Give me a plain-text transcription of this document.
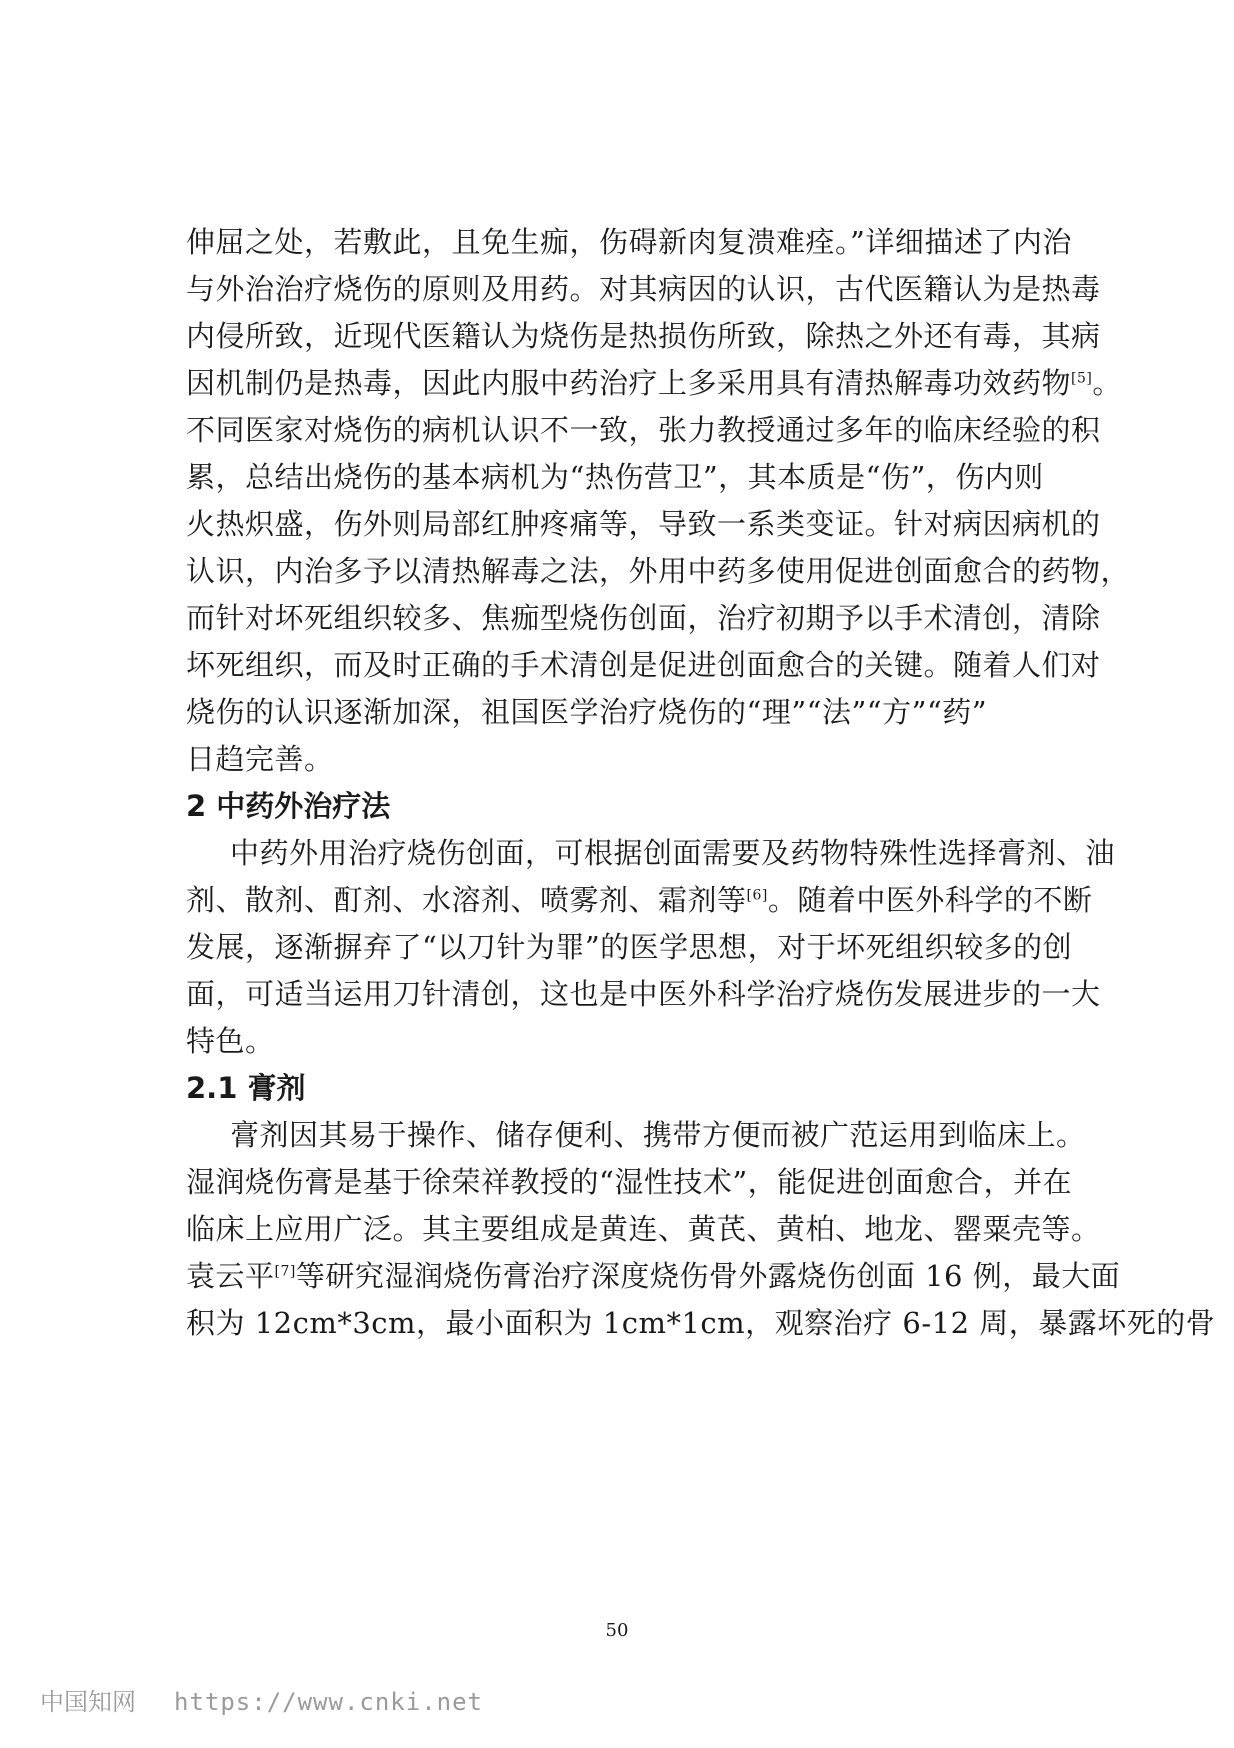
伸屈之处，若敷此，且免生痂，伤碍新肉复溃难痊。”详细描述了内治
与外治治疗烧伤的原则及用药。对其病因的认识，古代医籍认为是热毒
内侵所致，近现代医籍认为烧伤是热损伤所致，除热之外还有毒，其病
因机制仍是热毒，因此内服中药治疗上多采用具有清热解毒功效药物[5]。
不同医家对烧伤的病机认识不一致，张力教授通过多年的临床经验的积
累，总结出烧伤的基本病机为“热伤营卫”，其本质是“伤”，伤内则
火热炽盛，伤外则局部红肿疼痛等，导致一系类变证。针对病因病机的
认识，内治多予以清热解毒之法，外用中药多使用促进创面愈合的药物，
而针对坏死组织较多、焦痂型烧伤创面，治疗初期予以手术清创，清除
坏死组织，而及时正确的手术清创是促进创面愈合的关键。随着人们对
烧伤的认识逐渐加深，祖国医学治疗烧伤的“理”“法”“方”“药”
日趋完善。
2 中药外治疗法
中药外用治疗烧伤创面，可根据创面需要及药物特殊性选择膏剂、油
剂、散剂、酊剂、水溶剂、喷雾剂、霜剂等[6]。随着中医外科学的不断
发展，逐渐摒弃了“以刀针为罪”的医学思想，对于坏死组织较多的创
面，可适当运用刀针清创，这也是中医外科学治疗烧伤发展进步的一大
特色。
2.1 膏剂
膏剂因其易于操作、储存便利、携带方便而被广范运用到临床上。
湿润烧伤膏是基于徐荣祥教授的“湿性技术”，能促进创面愈合，并在
临床上应用广泛。其主要组成是黄连、黄芪、黄柏、地龙、罂粟壳等。
袁云平[7]等研究湿润烧伤膏治疗深度烧伤骨外露烧伤创面 16 例，最大面
积为 12cm*3cm，最小面积为 1cm*1cm，观察治疗 6-12 周，暴露坏死的骨
50
中国知网 https://www.cnki.net
